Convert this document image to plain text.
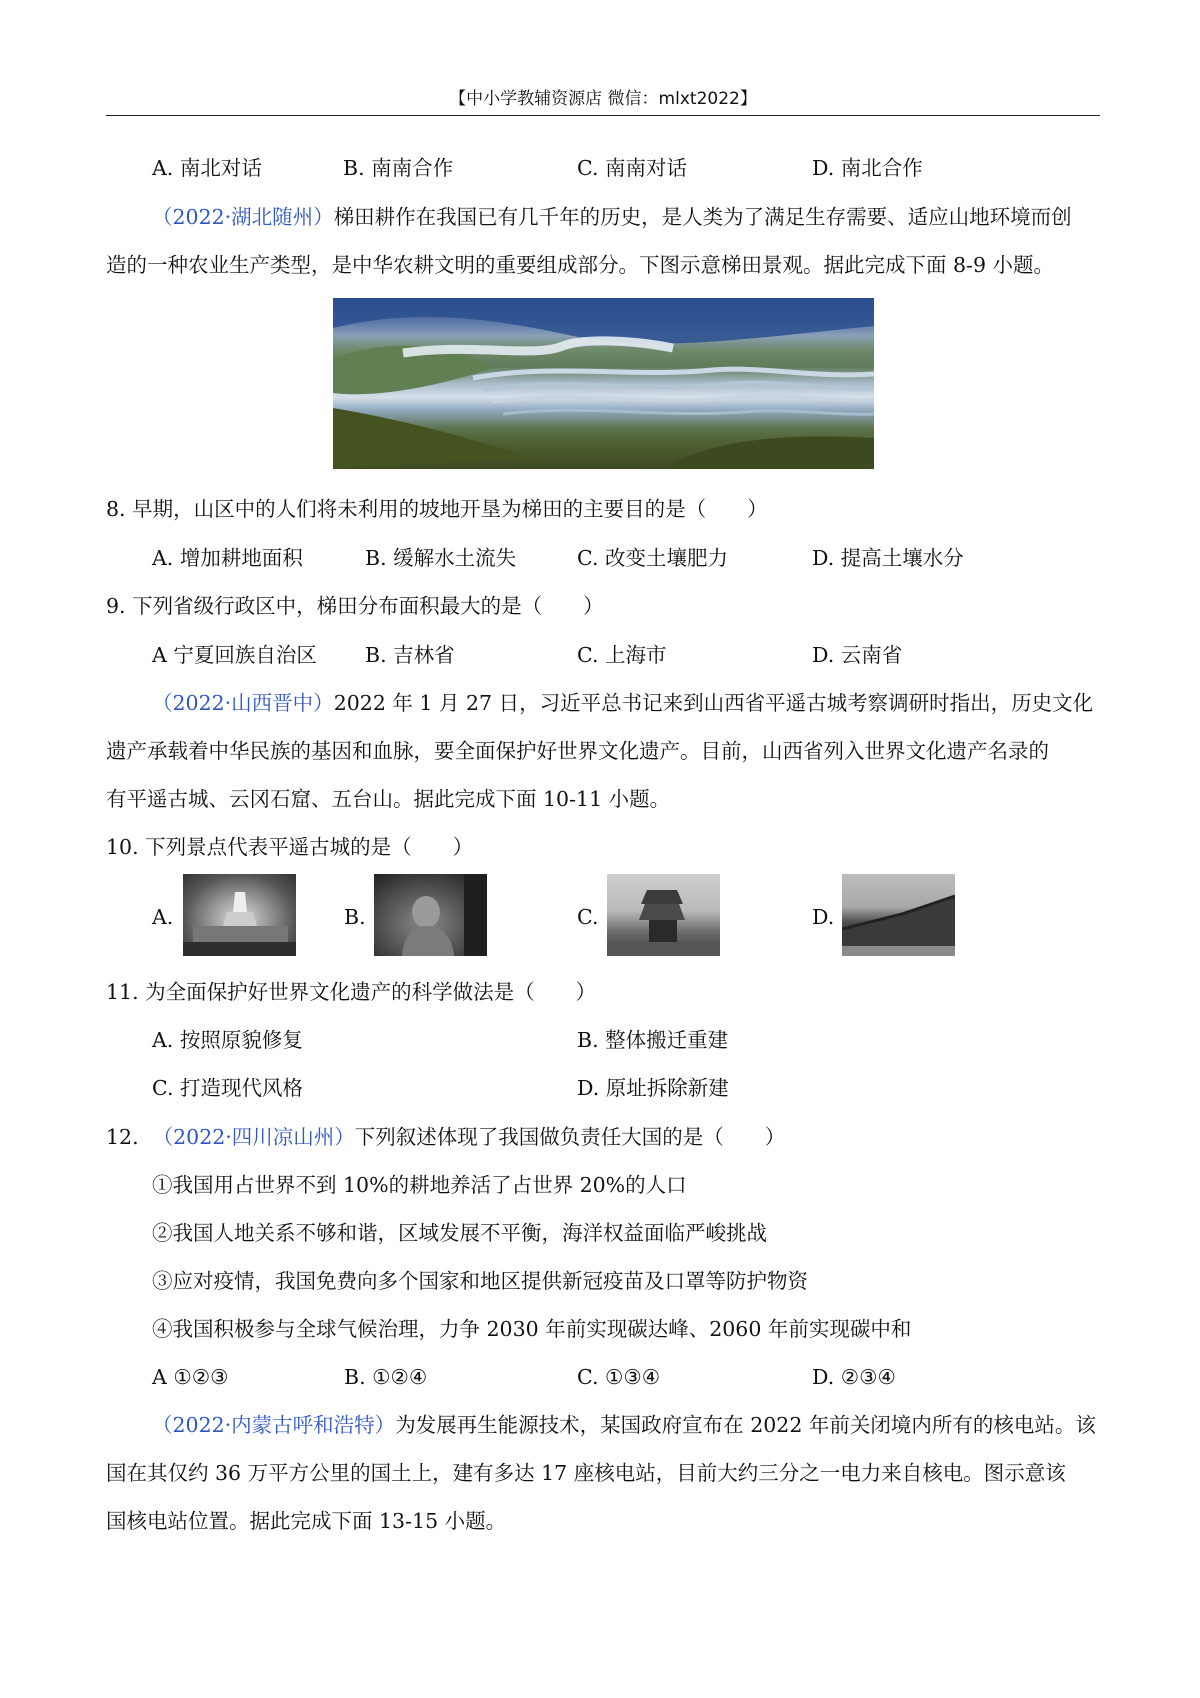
【中小学教辅资源店 微信：mlxt2022】
A. 南北对话	B. 南南合作	C. 南南对话	D. 南北合作
（2022·湖北随州）梯田耕作在我国已有几千年的历史，是人类为了满足生存需要、适应山地环境而创
造的一种农业生产类型，是中华农耕文明的重要组成部分。下图示意梯田景观。据此完成下面 8-9 小题。
8. 早期，山区中的人们将未利用的坡地开垦为梯田的主要目的是（　　）
A. 增加耕地面积	B. 缓解水土流失	C. 改变土壤肥力	D. 提高土壤水分
9. 下列省级行政区中，梯田分布面积最大的是（　　）
A 宁夏回族自治区 B. 吉林省	C. 上海市	D. 云南省
（2022·山西晋中）2022 年 1 月 27 日，习近平总书记来到山西省平遥古城考察调研时指出，历史文化
遗产承载着中华民族的基因和血脉，要全面保护好世界文化遗产。目前，山西省列入世界文化遗产名录的
有平遥古城、云冈石窟、五台山。据此完成下面 10-11 小题。
10. 下列景点代表平遥古城的是（　　）
A.	B.	C.	D.
11. 为全面保护好世界文化遗产的科学做法是（　　）
A. 按照原貌修复	B. 整体搬迁重建
C. 打造现代风格	D. 原址拆除新建
12. （2022·四川凉山州）下列叙述体现了我国做负责任大国的是（　　）
①我国用占世界不到 10%的耕地养活了占世界 20%的人口
②我国人地关系不够和谐，区域发展不平衡，海洋权益面临严峻挑战
③应对疫情，我国免费向多个国家和地区提供新冠疫苗及口罩等防护物资
④我国积极参与全球气候治理，力争 2030 年前实现碳达峰、2060 年前实现碳中和
A ①②③	B. ①②④	C. ①③④	D. ②③④
（2022·内蒙古呼和浩特）为发展再生能源技术，某国政府宣布在 2022 年前关闭境内所有的核电站。该
国在其仅约 36 万平方公里的国土上，建有多达 17 座核电站，目前大约三分之一电力来自核电。图示意该
国核电站位置。据此完成下面 13-15 小题。
